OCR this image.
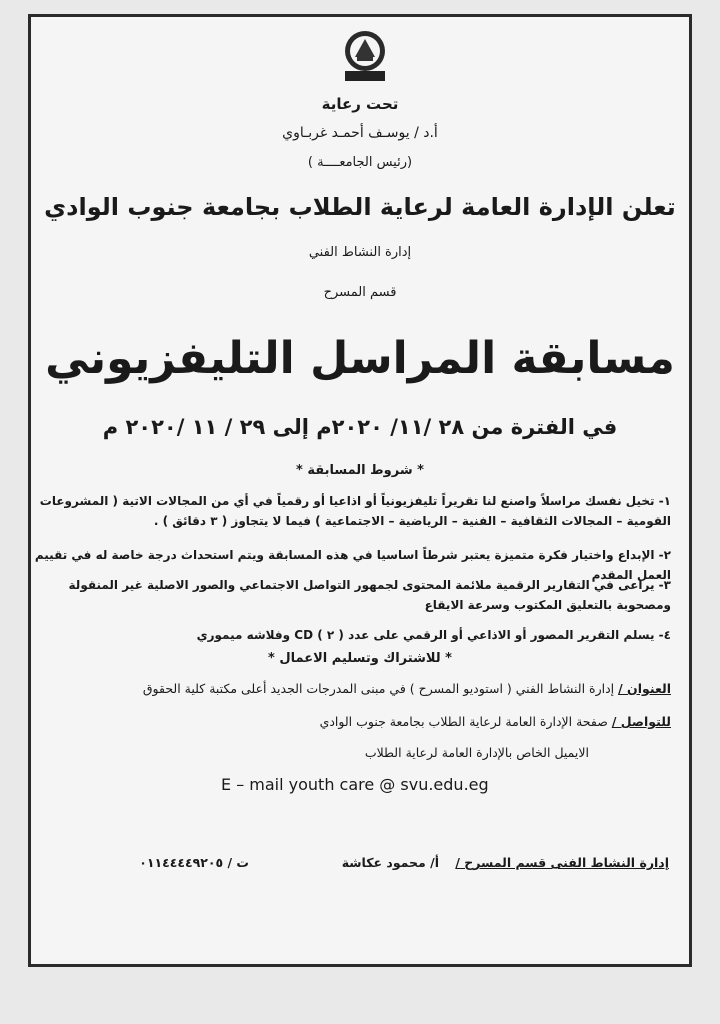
تحت رعاية
أ.د / يوسـف أحمـد غربـاوي
(رئيس الجامعــــة )
تعلن الإدارة العامة لرعاية الطلاب بجامعة جنوب الوادي
إدارة النشاط الفني
قسم المسرح
مسابقة المراسل التليفزيوني
في الفترة من ٢٨ /١١/ ٢٠٢٠م إلى ٢٩ / ١١ /٢٠٢٠ م
* شروط المسابقة *
١- تخيل نفسك مراسلاً واصنع لنا تقريراً تليفزيونياً أو اذاعيا أو رقمياً في أي من المجالات الاتية ( المشروعات القومية – المجالات الثقافية – الفنية – الرياضية – الاجتماعية ) فيما لا يتجاوز ( ٣ دقائق ) .
٢- الإبداع واختيار فكرة متميزة يعتبر شرطاً اساسيا في هذه المسابقة ويتم استحداث درجة خاصة له في تقييم العمل المقدم
٣- يراعى في التقارير الرقمية ملائمة المحتوى لجمهور التواصل الاجتماعي والصور الاصلية غير المنقولة ومصحوبة بالتعليق المكتوب وسرعة الايقاع
٤- يسلم التقرير المصور أو الاذاعي أو الرقمي على عدد ( ٢ ) CD وفلاشه ميموري
* للاشتراك وتسليم الاعمال *
العنوان / إدارة النشاط الفني ( استوديو المسرح ) في مبنى المدرجات الجديد أعلى مكتبة كلية الحقوق
للتواصل / صفحة الإدارة العامة لرعاية الطلاب بجامعة جنوب الوادي
الايميل الخاص بالإدارة العامة لرعاية الطلاب
E – mail youth care @ svu.edu.eg
إدارة النشاط الفنى قسم المسرح /
أ/ محمود عكاشة
ت / ٠١١٤٤٤٤٩٢٠٥
